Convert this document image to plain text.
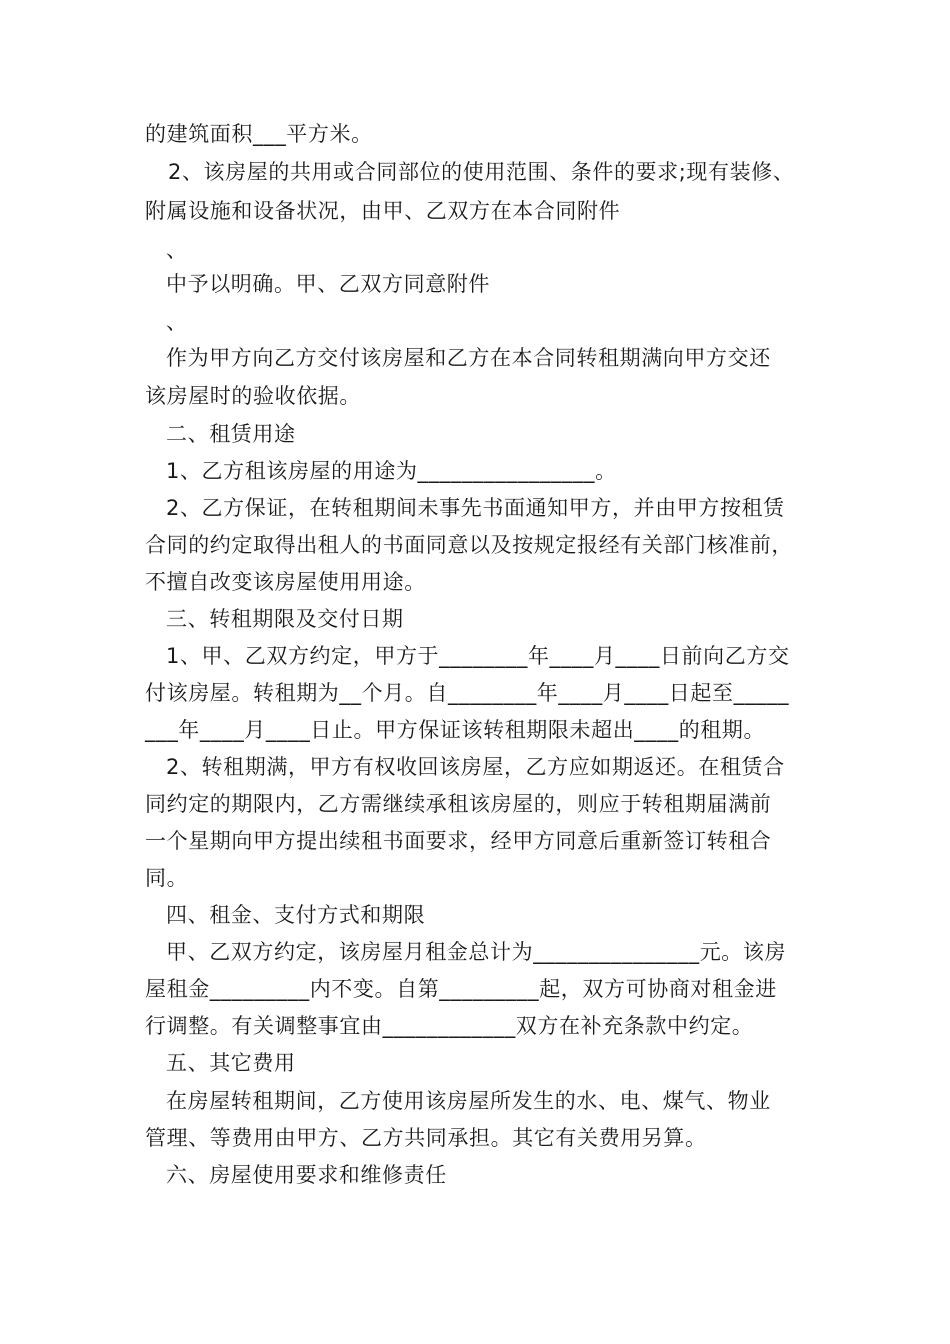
的建筑面积___平方米。
2、该房屋的共用或合同部位的使用范围、条件的要求;现有装修、
附属设施和设备状况，由甲、乙双方在本合同附件
、
中予以明确。甲、乙双方同意附件
、
作为甲方向乙方交付该房屋和乙方在本合同转租期满向甲方交还
该房屋时的验收依据。
二、租赁用途
1、乙方租该房屋的用途为________________。
2、乙方保证，在转租期间未事先书面通知甲方，并由甲方按租赁
合同的约定取得出租人的书面同意以及按规定报经有关部门核准前，
不擅自改变该房屋使用用途。
三、转租期限及交付日期
1、甲、乙双方约定，甲方于________年____月____日前向乙方交
付该房屋。转租期为__个月。自________年____月____日起至_____
___年____月____日止。甲方保证该转租期限未超出____的租期。
2、转租期满，甲方有权收回该房屋，乙方应如期返还。在租赁合
同约定的期限内，乙方需继续承租该房屋的，则应于转租期届满前
一个星期向甲方提出续租书面要求，经甲方同意后重新签订转租合
同。
四、租金、支付方式和期限
甲、乙双方约定，该房屋月租金总计为_______________元。该房
屋租金_________内不变。自第_________起，双方可协商对租金进
行调整。有关调整事宜由____________双方在补充条款中约定。
五、其它费用
在房屋转租期间，乙方使用该房屋所发生的水、电、煤气、物业
管理、等费用由甲方、乙方共同承担。其它有关费用另算。
六、房屋使用要求和维修责任
